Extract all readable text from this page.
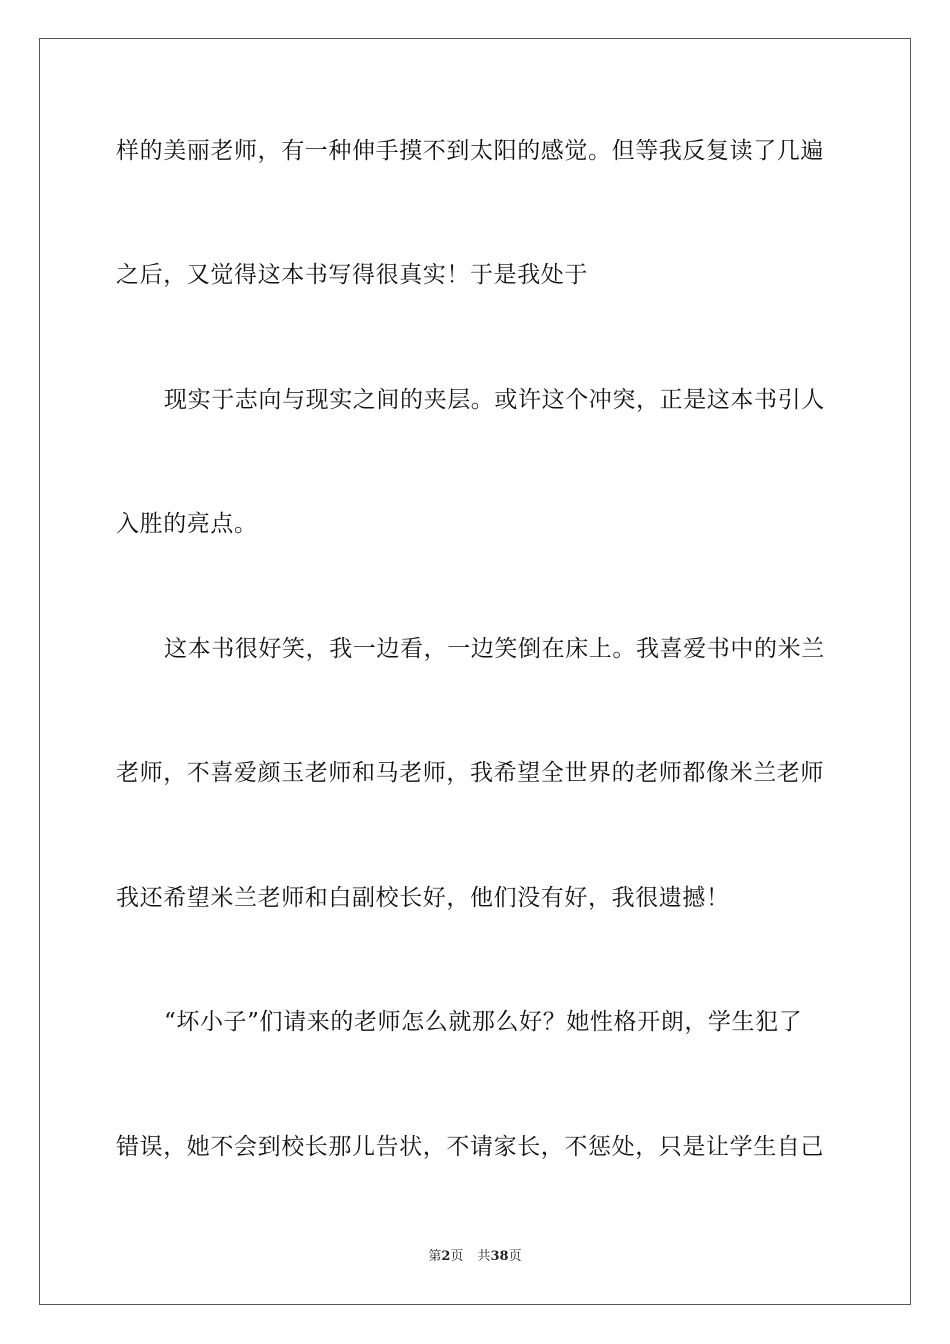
样的美丽老师，有一种伸手摸不到太阳的感觉。但等我反复读了几遍
之后，又觉得这本书写得很真实！于是我处于
现实于志向与现实之间的夹层。或许这个冲突，正是这本书引人
入胜的亮点。
这本书很好笑，我一边看，一边笑倒在床上。我喜爱书中的米兰
老师，不喜爱颜玉老师和马老师，我希望全世界的老师都像米兰老师
我还希望米兰老师和白副校长好，他们没有好，我很遗撼！
“坏小子”们请来的老师怎么就那么好？她性格开朗，学生犯了
错误，她不会到校长那儿告状，不请家长，不惩处，只是让学生自己
第2页 共38页
